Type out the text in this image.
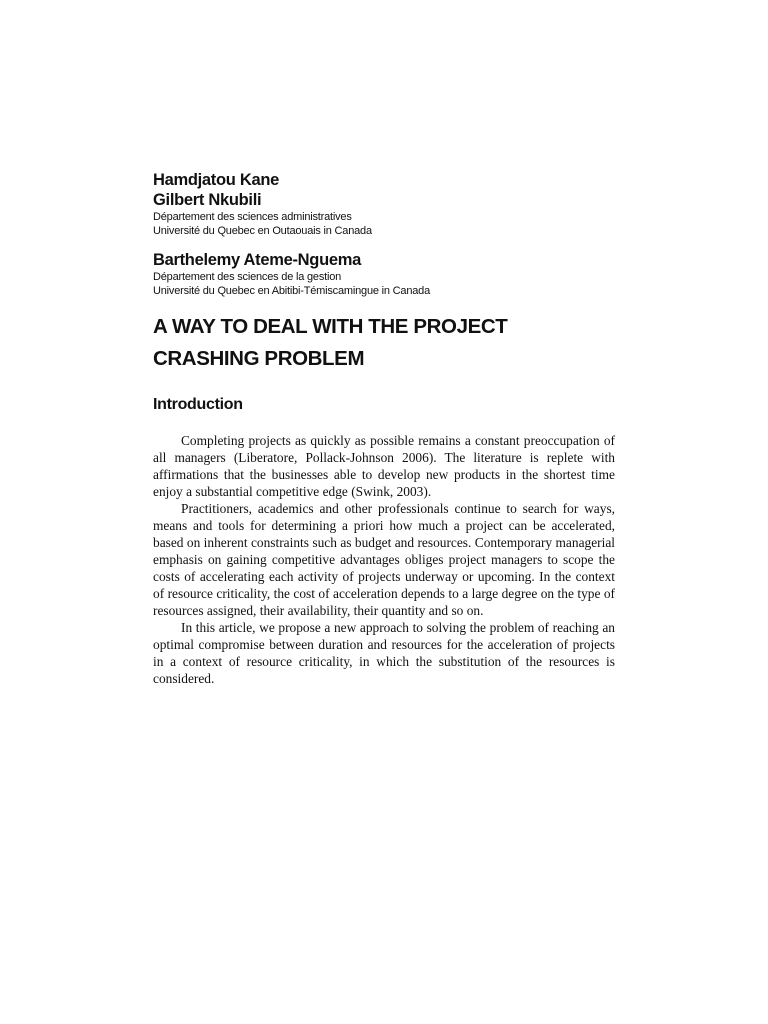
Hamdjatou Kane

Gilbert Nkubili

Département des sciences administratives

Université du Quebec en Outaouais in Canada

Barthelemy Ateme-Nguema

Département des sciences de la gestion

Université du Quebec en Abitibi-Témiscamingue in Canada

A WAY TO DEAL WITH THE PROJECT
CRASHING PROBLEM
Introduction

Completing projects as quickly as possible remains a constant preoccupation of all managers (Liberatore, Pollack-Johnson 2006). The literature is replete with affirmations that the businesses able to develop new products in the shortest time enjoy a substantial competitive edge (Swink, 2003).

Practitioners, academics and other professionals continue to search for ways, means and tools for determining a priori how much a project can be accelerated, based on inherent constraints such as budget and resources. Contemporary managerial emphasis on gaining competitive advantages obliges project managers to scope the costs of accelerating each activity of projects underway or upcoming. In the context of resource criticality, the cost of acceleration depends to a large degree on the type of resources assigned, their availability, their quantity and so on.

In this article, we propose a new approach to solving the problem of reaching an optimal compromise between duration and resources for the acceleration of projects in a context of resource criticality, in which the substitution of the resources is considered.
